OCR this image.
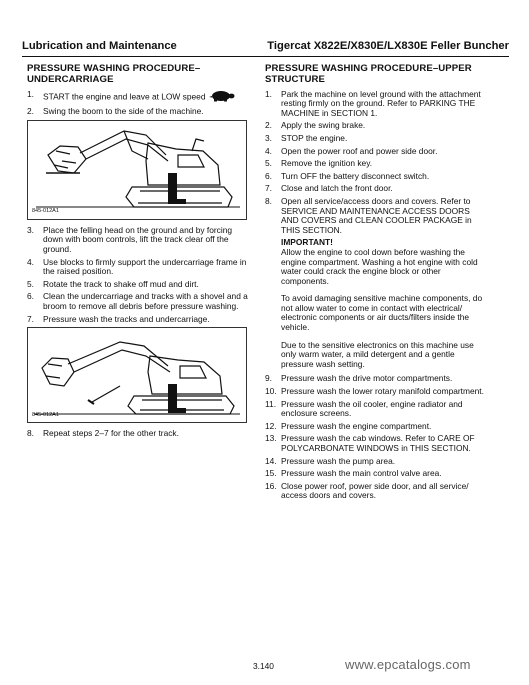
Lubrication and Maintenance	Tigercat X822E/X830E/LX830E Feller Buncher
PRESSURE WASHING PROCEDURE–
UNDERCARRIAGE
1.	START the engine and leave at LOW speed
2.	Swing the boom to the side of the machine.
845-012A1
3.	Place the felling head on the ground and by forcing down with boom controls, lift the track clear off the ground.
4.	Use blocks to firmly support the undercarriage frame in the raised position.
5.	Rotate the track to shake off mud and dirt.
6.	Clean the undercarriage and tracks with a shovel and a broom to remove all debris before pressure washing.
7.	Pressure wash the tracks and undercarriage.
845-012A1
8.	Repeat steps 2–7 for the other track.
PRESSURE WASHING PROCEDURE–UPPER
STRUCTURE
1.	Park the machine on level ground with the attachment resting firmly on the ground. Refer to PARKING THE MACHINE in SECTION 1.
2.	Apply the swing brake.
3.	STOP the engine.
4.	Open the power roof and power side door.
5.	Remove the ignition key.
6.	Turn OFF the battery disconnect switch.
7.	Close and latch the front door.
8.	Open all service/access doors and covers. Refer to SERVICE AND MAINTENANCE ACCESS DOORS AND COVERS and CLEAN COOLER PACKAGE in THIS SECTION.
IMPORTANT!
Allow the engine to cool down before washing the engine compartment. Washing a hot engine with cold water could crack the engine block or other components.
To avoid damaging sensitive machine components, do not allow water to come in contact with electrical/ electronic components or air ducts/filters inside the vehicle.
Due to the sensitive electronics on this machine use only warm water, a mild detergent and a gentle pressure wash setting.
9.	Pressure wash the drive motor compartments.
10. Pressure wash the lower rotary manifold compartment.
11. Pressure wash the oil cooler, engine radiator and enclosure screens.
12. Pressure wash the engine compartment.
13. Pressure wash the cab windows. Refer to CARE OF POLYCARBONATE WINDOWS in THIS SECTION.
14. Pressure wash the pump area.
15. Pressure wash the main control valve area.
16. Close power roof, power side door, and all service/ access doors and covers.
3.140	www.epcatalogs.com
